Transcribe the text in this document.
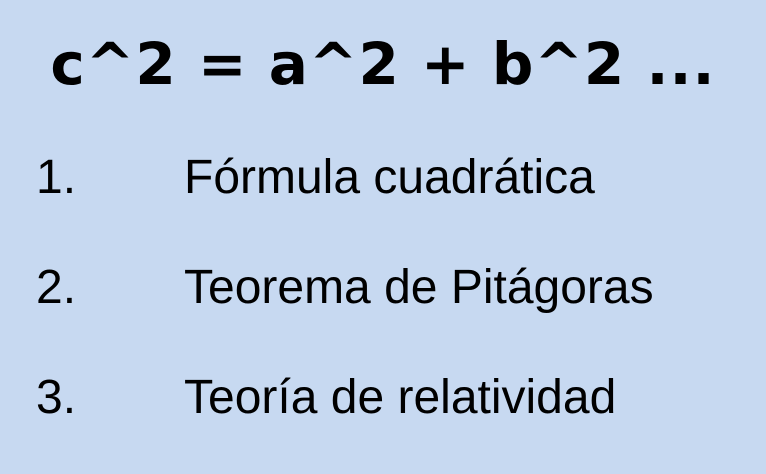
c^2 = a^2 + b^2 ...
1. Fórmula cuadrática
2. Teorema de Pitágoras
3. Teoría de relatividad
